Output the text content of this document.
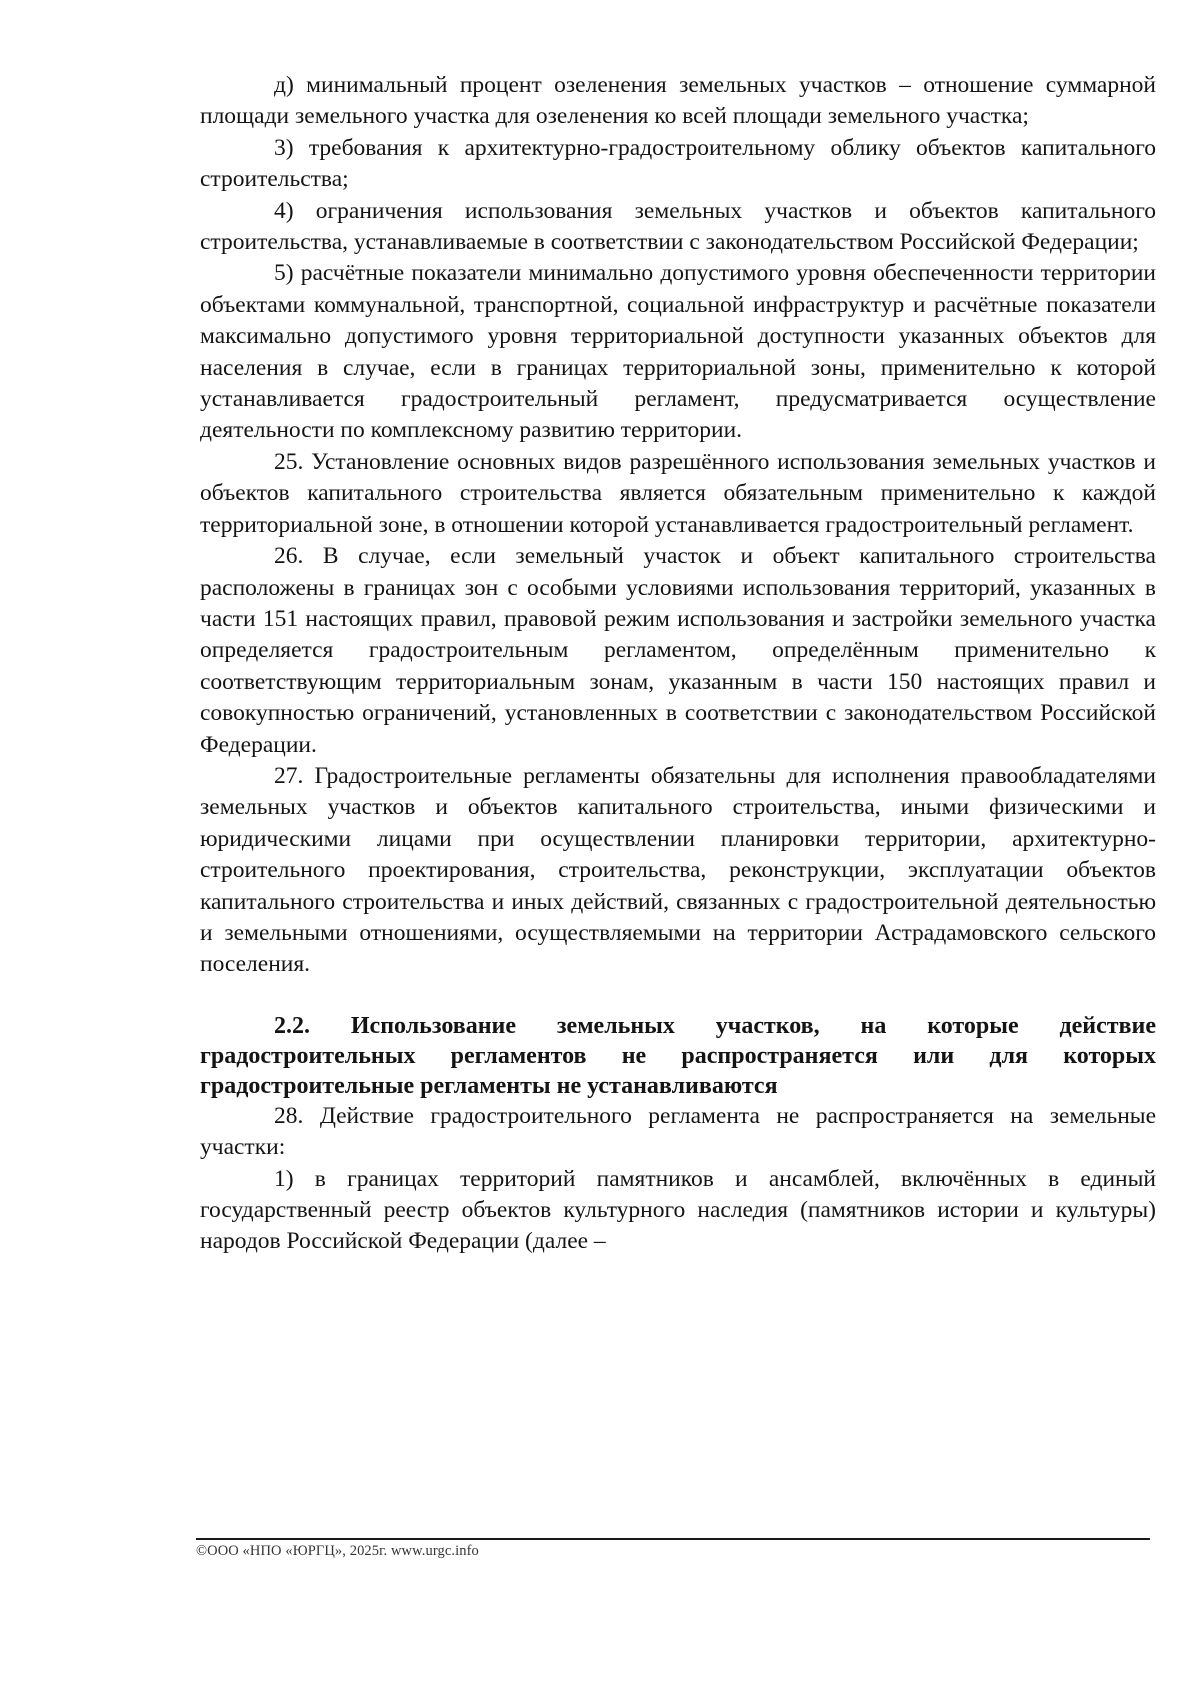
д) минимальный процент озеленения земельных участков – отношение суммарной площади земельного участка для озеленения ко всей площади земельного участка;

3) требования к архитектурно-градостроительному облику объектов капитального строительства;

4) ограничения использования земельных участков и объектов капитального строительства, устанавливаемые в соответствии с законодательством Российской Федерации;

5) расчётные показатели минимально допустимого уровня обеспеченности территории объектами коммунальной, транспортной, социальной инфраструктур и расчётные показатели максимально допустимого уровня территориальной доступности указанных объектов для населения в случае, если в границах территориальной зоны, применительно к которой устанавливается градостроительный регламент, предусматривается осуществление деятельности по комплексному развитию территории.

25. Установление основных видов разрешённого использования земельных участков и объектов капитального строительства является обязательным применительно к каждой территориальной зоне, в отношении которой устанавливается градостроительный регламент.

26. В случае, если земельный участок и объект капитального строительства расположены в границах зон с особыми условиями использования территорий, указанных в части 151 настоящих правил, правовой режим использования и застройки земельного участка определяется градостроительным регламентом, определённым применительно к соответствующим территориальным зонам, указанным в части 150 настоящих правил и совокупностью ограничений, установленных в соответствии с законодательством Российской Федерации.

27. Градостроительные регламенты обязательны для исполнения правообладателями земельных участков и объектов капитального строительства, иными физическими и юридическими лицами при осуществлении планировки территории, архитектурно-строительного проектирования, строительства, реконструкции, эксплуатации объектов капитального строительства и иных действий, связанных с градостроительной деятельностью и земельными отношениями, осуществляемыми на территории Астрадамовского сельского поселения.

2.2. Использование земельных участков, на которые действие градостроительных регламентов не распространяется или для которых градостроительные регламенты не устанавливаются

28. Действие градостроительного регламента не распространяется на земельные участки:

1) в границах территорий памятников и ансамблей, включённых в единый государственный реестр объектов культурного наследия (памятников истории и культуры) народов Российской Федерации (далее –

©ООО «НПО «ЮРГЦ», 2025г. www.urgc.info
